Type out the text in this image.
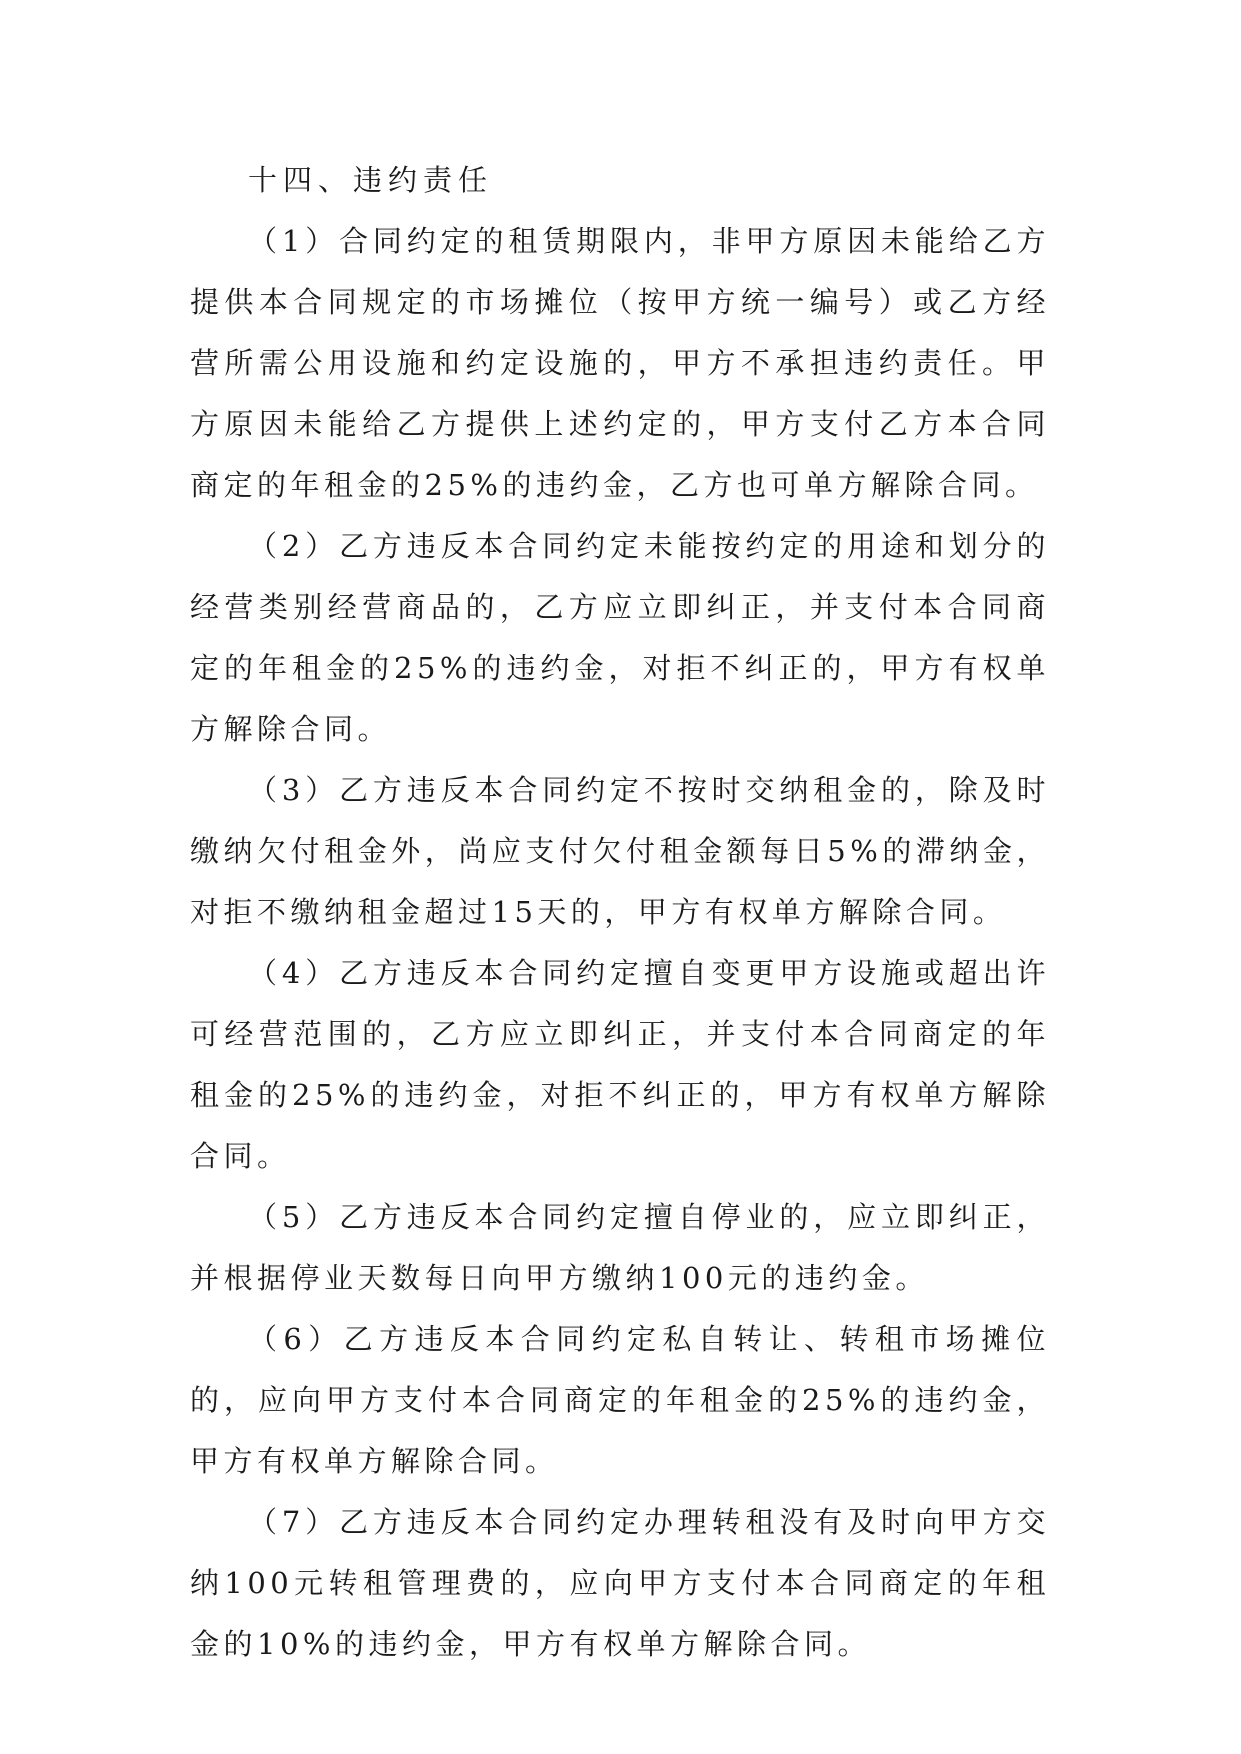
十四、违约责任

（1）合同约定的租赁期限内，非甲方原因未能给乙方提供本合同规定的市场摊位（按甲方统一编号）或乙方经营所需公用设施和约定设施的，甲方不承担违约责任。甲方原因未能给乙方提供上述约定的，甲方支付乙方本合同商定的年租金的25%的违约金，乙方也可单方解除合同。

（2）乙方违反本合同约定未能按约定的用途和划分的经营类别经营商品的，乙方应立即纠正，并支付本合同商定的年租金的25%的违约金，对拒不纠正的，甲方有权单方解除合同。

（3）乙方违反本合同约定不按时交纳租金的，除及时缴纳欠付租金外，尚应支付欠付租金额每日5%的滞纳金，对拒不缴纳租金超过15天的，甲方有权单方解除合同。

（4）乙方违反本合同约定擅自变更甲方设施或超出许可经营范围的，乙方应立即纠正，并支付本合同商定的年租金的25%的违约金，对拒不纠正的，甲方有权单方解除合同。

（5）乙方违反本合同约定擅自停业的，应立即纠正，并根据停业天数每日向甲方缴纳100元的违约金。

（6）乙方违反本合同约定私自转让、转租市场摊位的，应向甲方支付本合同商定的年租金的25%的违约金，甲方有权单方解除合同。

（7）乙方违反本合同约定办理转租没有及时向甲方交纳100元转租管理费的，应向甲方支付本合同商定的年租金的10%的违约金，甲方有权单方解除合同。
